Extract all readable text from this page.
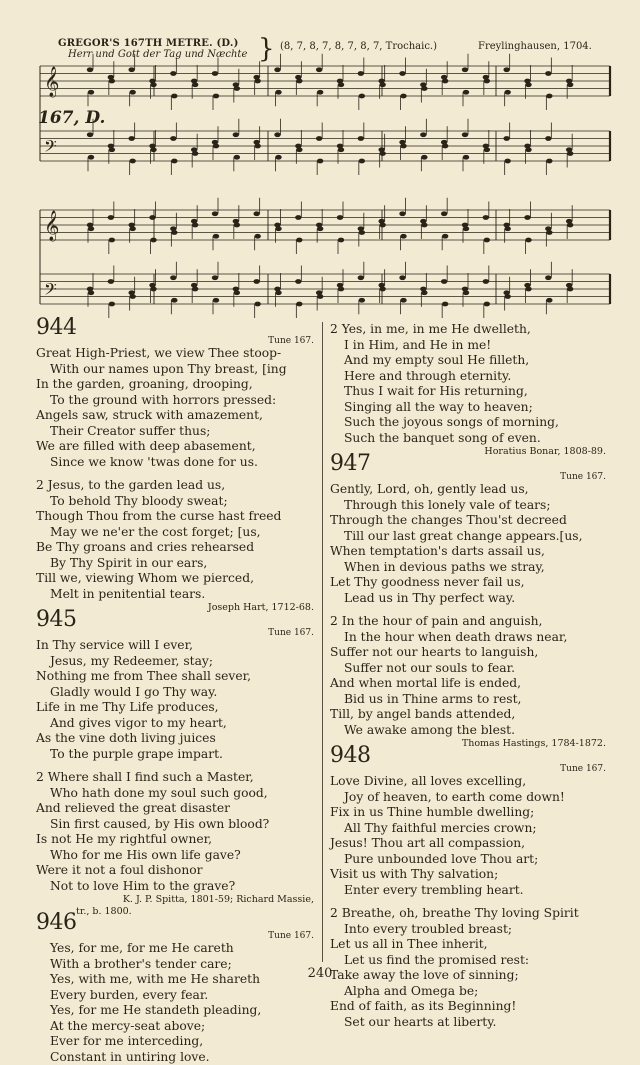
GREGOR'S 167TH METRE. (D.)
Herr und Gott der Tag und Næchte } (8, 7, 8, 7, 8, 7, 8, 7, Trochaic.)	Freylinghausen, 1704.
167, D.
𝄞
𝄢
𝄞
𝄢
944
Tune 167.
Great High-Priest, we view Thee stoop-
With our names upon Thy breast, [ing
In the garden, groaning, drooping,
To the ground with horrors pressed:
Angels saw, struck with amazement,
Their Creator suffer thus;
We are filled with deep abasement,
Since we know 'twas done for us.
2 Jesus, to the garden lead us,
To behold Thy bloody sweat;
Though Thou from the curse hast freed
May we ne'er the cost forget; [us,
Be Thy groans and cries rehearsed
By Thy Spirit in our ears,
Till we, viewing Whom we pierced,
Melt in penitential tears.
Joseph Hart, 1712-68.
945
Tune 167.
In Thy service will I ever,
Jesus, my Redeemer, stay;
Nothing me from Thee shall sever,
Gladly would I go Thy way.
Life in me Thy Life produces,
And gives vigor to my heart,
As the vine doth living juices
To the purple grape impart.
2 Where shall I find such a Master,
Who hath done my soul such good,
And relieved the great disaster
Sin first caused, by His own blood?
Is not He my rightful owner,
Who for me His own life gave?
Were it not a foul dishonor
Not to love Him to the grave?
K. J. P. Spitta, 1801-59; Richard Massie,
tr., b. 1800.
946
Tune 167.
Yes, for me, for me He careth
With a brother's tender care;
Yes, with me, with me He shareth
Every burden, every fear.
Yes, for me He standeth pleading,
At the mercy-seat above;
Ever for me interceding,
Constant in untiring love.
2 Yes, in me, in me He dwelleth,
I in Him, and He in me!
And my empty soul He filleth,
Here and through eternity.
Thus I wait for His returning,
Singing all the way to heaven;
Such the joyous songs of morning,
Such the banquet song of even.
Horatius Bonar, 1808-89.
947
Tune 167.
Gently, Lord, oh, gently lead us,
Through this lonely vale of tears;
Through the changes Thou'st decreed
Till our last great change appears.[us,
When temptation's darts assail us,
When in devious paths we stray,
Let Thy goodness never fail us,
Lead us in Thy perfect way.
2 In the hour of pain and anguish,
In the hour when death draws near,
Suffer not our hearts to languish,
Suffer not our souls to fear.
And when mortal life is ended,
Bid us in Thine arms to rest,
Till, by angel bands attended,
We awake among the blest.
Thomas Hastings, 1784-1872.
948
Tune 167.
Love Divine, all loves excelling,
Joy of heaven, to earth come down!
Fix in us Thine humble dwelling;
All Thy faithful mercies crown;
Jesus! Thou art all compassion,
Pure unbounded love Thou art;
Visit us with Thy salvation;
Enter every trembling heart.
2 Breathe, oh, breathe Thy loving Spirit
Into every troubled breast;
Let us all in Thee inherit,
Let us find the promised rest:
Take away the love of sinning;
Alpha and Omega be;
End of faith, as its Beginning!
Set our hearts at liberty.
240
